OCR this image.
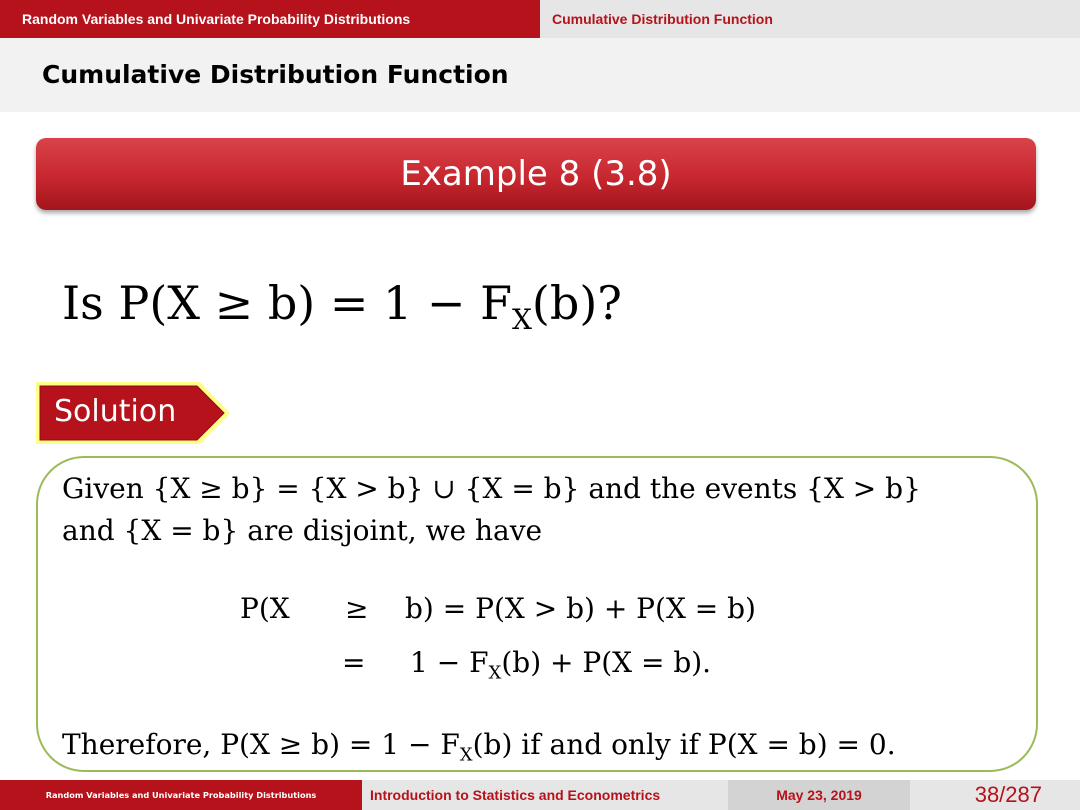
Random Variables and Univariate Probability Distributions	Cumulative Distribution Function
Cumulative Distribution Function
Example 8 (3.8)
Is $P(X \ge b) = 1 - F_X(b)$?
Solution
Given {X ≥ b} = {X > b} ∪ {X = b} and the events {X > b}
and {X = b} are disjoint, we have
P(X ≥ b) = P(X > b) + P(X = b)
= $1 - F_X(b) + P(X = b)$.
Therefore, $P(X \ge b) = 1 - F_X(b)$ if and only if P(X = b) = 0.
Random Variables and Univariate Probability Distributions	Introduction to Statistics and Econometrics	May 23, 2019	38/287
